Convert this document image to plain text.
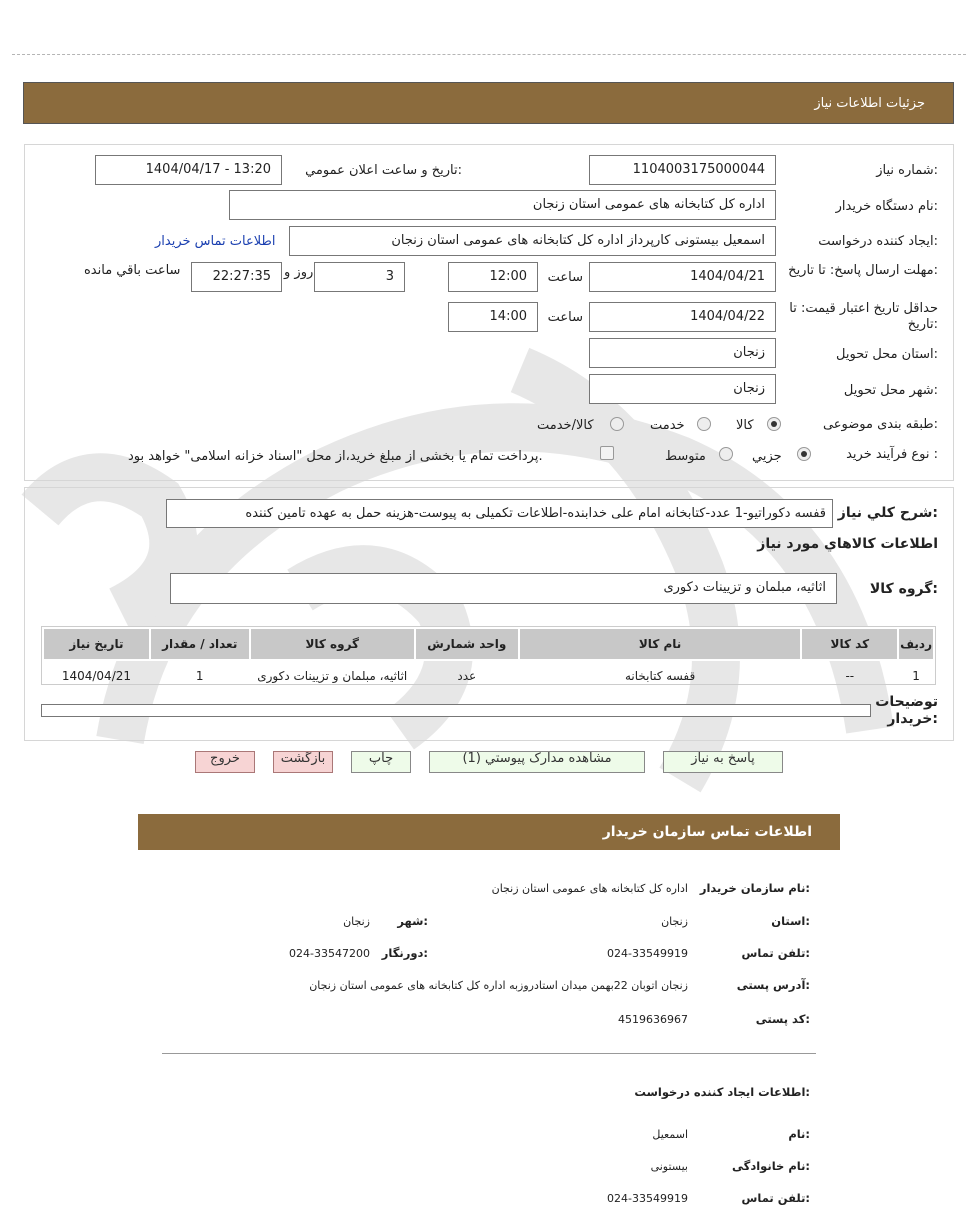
جزئيات اطلاعات نياز
شماره نياز:
1104003175000044
تاريخ و ساعت اعلان عمومي:
1404/04/17 - 13:20
نام دستگاه خريدار:
اداره کل کتابخانه های عمومی استان زنجان
ايجاد کننده درخواست:
اسمعیل بیستونی کارپرداز اداره کل کتابخانه های عمومی استان زنجان
اطلاعات تماس خريدار
مهلت ارسال پاسخ: تا تاريخ:
1404/04/21
ساعت
12:00
3
روز و
22:27:35
ساعت باقي مانده
حداقل تاريخ اعتبار قيمت: تا تاريخ:
1404/04/22
ساعت
14:00
استان محل تحويل:
زنجان
شهر محل تحويل:
زنجان
طبقه بندی موضوعی:
کالا
خدمت
کالا/خدمت
نوع فرآیند خرید :
جزيي
متوسط
پرداخت تمام يا بخشی از مبلغ خريد،از محل "اسناد خزانه اسلامی" خواهد بود.
شرح كلي نياز:
قفسه دکوراتیو-1 عدد-کتابخانه امام علی خدابنده-اطلاعات تکمیلی به پیوست-هزینه حمل به عهده تامین کننده
اطلاعات کالاهاي مورد نياز
گروه کالا:
اثاثيه، مبلمان و تزيينات دکوری
رديف	کد کالا	نام کالا	واحد شمارش	گروه کالا	تعداد / مقدار	تاريخ نياز
1	--	قفسه کتابخانه	عدد	اثاثيه، مبلمان و تزيينات دکوری	1	1404/04/21
توضيحات خريدار:
پاسخ به نياز
مشاهده مدارک پيوستي (1)
چاپ
بازگشت
خروج
اطلاعات تماس سازمان خريدار
نام سازمان خريدار:
اداره کل کتابخانه های عمومی استان زنجان
استان:
زنجان
شهر:
زنجان
تلفن تماس:
024-33549919
دورنگار:
024-33547200
آدرس پستی:
زنجان اتوبان 22بهمن میدان استادروزبه اداره کل کتابخانه های عمومی استان زنجان
کد پستی:
4519636967
اطلاعات ایجاد کننده درخواست:
نام:
اسمعیل
نام خانوادگی:
بیستونی
تلفن تماس:
024-33549919
